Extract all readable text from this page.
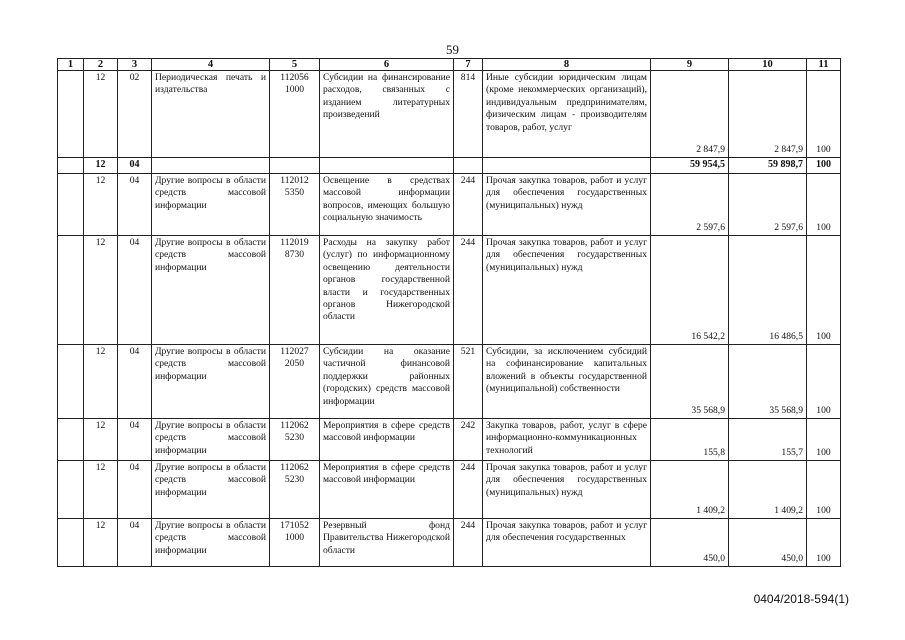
59
1	2	3	4	5	6	7	8	9	10	11
	12	02	Периодическая печать и издательства	112056 1000	Субсидии на финансирование расходов, связанных с изданием литературных произведений	814	Иные субсидии юридическим лицам (кроме некоммерческих организаций), индивидуальным предпринимателям, физическим лицам - производителям товаров, работ, услуг	2 847,9	2 847,9	100
	12	04						59 954,5	59 898,7	100
	12	04	Другие вопросы в области средств массовой информации	112012 5350	Освещение в средствах массовой информации вопросов, имеющих большую социальную значимость	244	Прочая закупка товаров, работ и услуг для обеспечения государственных (муниципальных) нужд	2 597,6	2 597,6	100
	12	04	Другие вопросы в области средств массовой информации	112019 8730	Расходы на закупку работ (услуг) по информационному освещению деятельности органов государственной власти и государственных органов Нижегородской области	244	Прочая закупка товаров, работ и услуг для обеспечения государственных (муниципальных) нужд	16 542,2	16 486,5	100
	12	04	Другие вопросы в области средств массовой информации	112027 2050	Субсидии на оказание частичной финансовой поддержки районных (городских) средств массовой информации	521	Субсидии, за исключением субсидий на софинансирование капитальных вложений в объекты государственной (муниципальной) собственности	35 568,9	35 568,9	100
	12	04	Другие вопросы в области средств массовой информации	112062 5230	Мероприятия в сфере средств массовой информации	242	Закупка товаров, работ, услуг в сфере информационно-коммуникационных технологий	155,8	155,7	100
	12	04	Другие вопросы в области средств массовой информации	112062 5230	Мероприятия в сфере средств массовой информации	244	Прочая закупка товаров, работ и услуг для обеспечения государственных (муниципальных) нужд	1 409,2	1 409,2	100
	12	04	Другие вопросы в области средств массовой информации	171052 1000	Резервный фонд Правительства Нижегородской области	244	Прочая закупка товаров, работ и услуг для обеспечения государственных	450,0	450,0	100
0404/2018-594(1)
